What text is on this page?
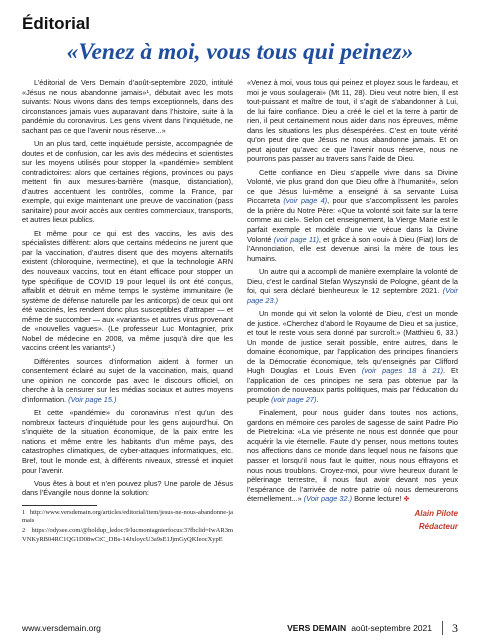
Éditorial
«Venez à moi, vous tous qui peinez»

L’éditorial de Vers Demain d’août-septembre 2020, intitulé «Jésus ne nous abandonne jamais»¹, débutait avec les mots suivants: Nous vivons dans des temps exceptionnels, dans des circonstances jamais vues auparavant dans l’histoire, suite à la pandémie du coronavirus. Les gens vivent dans l’inquiétude, ne sachant pas ce que l’avenir nous réserve...»

Un an plus tard, cette inquiétude persiste, accompagnée de doutes et de confusion, car les avis des médecins et scientistes sur les moyens utilisés pour stopper la «pandémie» semblent contradictoires: alors que certaines régions, provinces ou pays mettent fin aux mesures-barrière (masque, distanciation), d’autres accentuent les contrôles, comme la France, par exemple, qui exige maintenant une preuve de vaccination (pass sanitaire) pour avoir accès aux centres commerciaux, transports, et autres lieux publics.

Et même pour ce qui est des vaccins, les avis des spécialistes diffèrent: alors que certains médecins ne jurent que par la vaccination, d’autres disent que des moyens alternatifs existent (chloroquine, ivermectine), et que la technologie ARN des nouveaux vaccins, tout en étant efficace pour stopper un type spécifique de COVID 19 pour lequel ils ont été conçus, affaiblit et détruit en même temps le système immunitaire (le système de défense naturelle par les anticorps) de ceux qui ont été vaccinés, les rendent donc plus susceptibles d’attraper — et même de succomber — aux «variants» et autres virus provenant de «nouvelles vagues». (Le professeur Luc Montagnier, prix Nobel de médecine en 2008, va même jusqu’à dire que les vaccins créent les variants².)

Différentes sources d’information aident à former un consentement éclairé au sujet de la vaccination, mais, quand une opinion ne concorde pas avec le discours officiel, on cherche à la censurer sur les médias sociaux et autres moyens d’information. (Voir page 15.)

Et cette «pandémie» du coronavirus n’est qu’un des nombreux facteurs d’inquiétude pour les gens aujourd’hui. On s’inquiète de la situation économique, de la paix entre les nations et même entre les habitants d’un même pays, des catastrophes climatiques, de cyber-attaques informatiques, etc. Bref, tout le monde est, à différents niveaux, stressé et inquiet pour l’avenir.

Vous êtes à bout et n’en pouvez plus? Une parole de Jésus dans l’Évangile nous donne la solution:

1 http://www.versdemain.org/articles/editorial/item/jesus-ne-nous-abandonne-jamais
2 https://odysee.com/@holdup_ledoc:9/lucmontagnierfocus:3?fbclid=IwAR3mVNKyRB04RC1QG1D08wCtC_DBs-14JxloycU3a9sE1JjmGyQKIeocXypE

«Venez à moi, vous tous qui peinez et ployez sous le fardeau, et moi je vous soulagerai» (Mt 11, 28). Dieu veut notre bien, Il est tout-puissant et maître de tout, il s’agit de s’abandonner à Lui, de lui faire confiance. Dieu a créé le ciel et la terre à partir de rien, il peut certainement nous aider dans nos épreuves, même dans les situations les plus désespérées. C’est en toute vérité qu’on peut dire que Jésus ne nous abandonne jamais. Et on peut ajouter qu’avec ce que l’avenir nous réserve, nous ne pourrons pas passer au travers sans l’aide de Dieu.

Cette confiance en Dieu s’appelle vivre dans sa Divine Volonté, vie plus grand don que Dieu offre à l’humanité», selon ce que Jésus lui-même a enseigné à sa servante Luisa Piccarreta (voir page 4), pour que s’accomplissent les paroles de la prière du Notre Père: «Que ta volonté soit faite sur la terre comme au ciel». Selon cet enseignement, la Vierge Marie est le parfait exemple et modèle d’une vie vécue dans la Divine Volonté (voir page 11), et grâce à son «oui» à Dieu (Fiat) lors de l’Annonciation, elle est devenue ainsi la mère de tous les humains.

Un autre qui a accompli de manière exemplaire la volonté de Dieu, c’est le cardinal Stefan Wyszynski de Pologne, géant de la foi, qui sera déclaré bienheureux le 12 septembre 2021. (Voir page 23.)

Un monde qui vit selon la volonté de Dieu, c’est un monde de justice. «Cherchez d’abord le Royaume de Dieu et sa justice, et tout le reste vous sera donné par surcroît.» (Matthieu 6, 33.) Un monde de justice serait possible, entre autres, dans le domaine économique, par l’application des principes financiers de la Démocratie économique, tels qu’enseignés par Clifford Hugh Douglas et Louis Even (voir pages 18 à 21). Et l’application de ces principes ne sera pas obtenue par la promotion de nouveaux partis politiques, mais par l’éducation du peuple (voir page 27).

Finalement, pour nous guider dans toutes nos actions, gardons en mémoire ces paroles de sagesse de saint Padre Pio de Pietrelcina: «La vie présente ne nous est donnée que pour acquérir la vie éternelle. Faute d’y penser, nous mettons toutes nos affections dans ce monde dans lequel nous ne faisons que passer et lorsqu’il nous faut le quitter, nous nous effrayons et nous nous troublons. Croyez-moi, pour vivre heureux durant le pèlerinage terrestre, il nous faut avoir devant nos yeux l’espérance de l’arrivée de notre patrie où nous demeurerons éternellement...» (Voir page 32.) Bonne lecture! ✤

Alain Pilote
Rédacteur
www.versdemain.org	VERS DEMAIN août-septembre 2021 3
